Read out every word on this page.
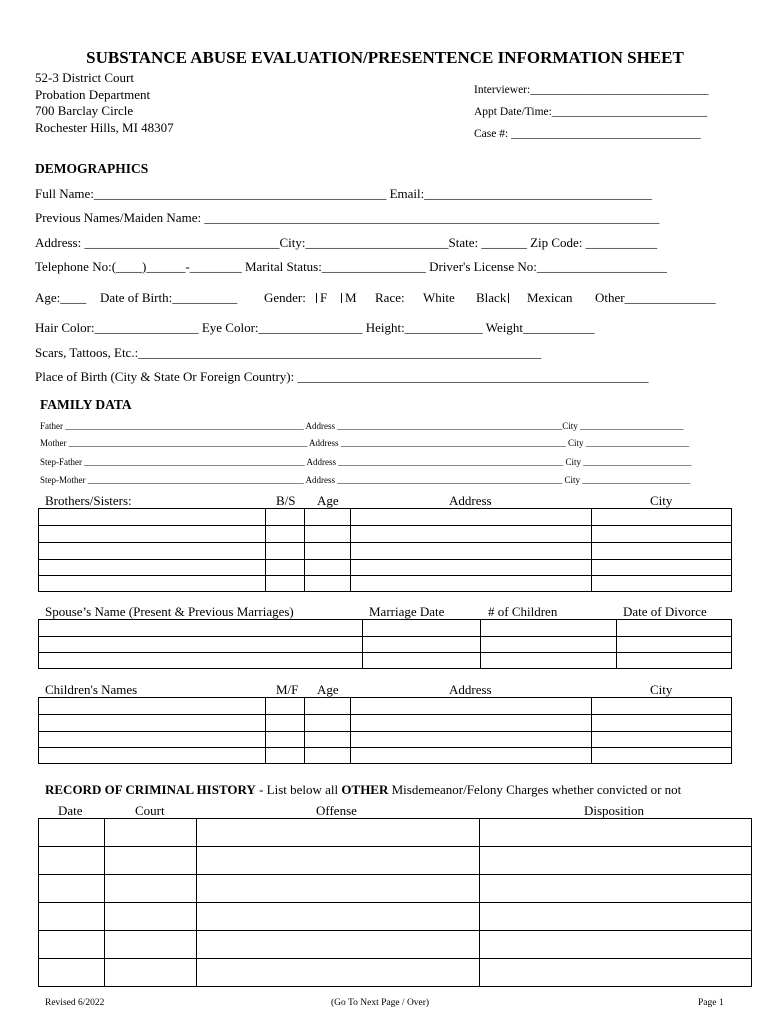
SUBSTANCE ABUSE EVALUATION/PRESENTENCE INFORMATION SHEET
52-3 District Court
Probation Department
700 Barclay Circle
Rochester Hills, MI 48307
Interviewer:_______________________________
Appt Date/Time:___________________________
Case #: _________________________________
DEMOGRAPHICS
Full Name:_____________________________________________ Email:___________________________________
Previous Names/Maiden Name: ______________________________________________________________________
Address: ______________________________City:______________________State: _______ Zip Code: ___________
Telephone No:(____)______-________ Marital Status:________________ Driver's License No:____________________
Age:____ Date of Birth:__________ Gender:	F	M Race: White Black	Mexican Other______________
Hair Color:________________ Eye Color:________________ Height:____________ Weight___________
Scars, Tattoos, Etc.:______________________________________________________________
Place of Birth (City & State Or Foreign Country): ______________________________________________________
FAMILY DATA
Father _____________________________________________________ Address __________________________________________________City _______________________
Mother _____________________________________________________ Address __________________________________________________ City _______________________
Step-Father _________________________________________________ Address __________________________________________________ City ________________________
Step-Mother ________________________________________________ Address __________________________________________________ City ________________________
Brothers/Sisters:	B/S Age	Address	City

Spouse’s Name (Present & Previous Marriages)	Marriage Date	# of Children	Date of Divorce

Children's Names	M/F Age	Address	City

RECORD OF CRIMINAL HISTORY - List below all OTHER Misdemeanor/Felony Charges whether convicted or not
Date	Court	Offense	Disposition

Revised 6/2022	(Go To Next Page / Over)	Page 1
